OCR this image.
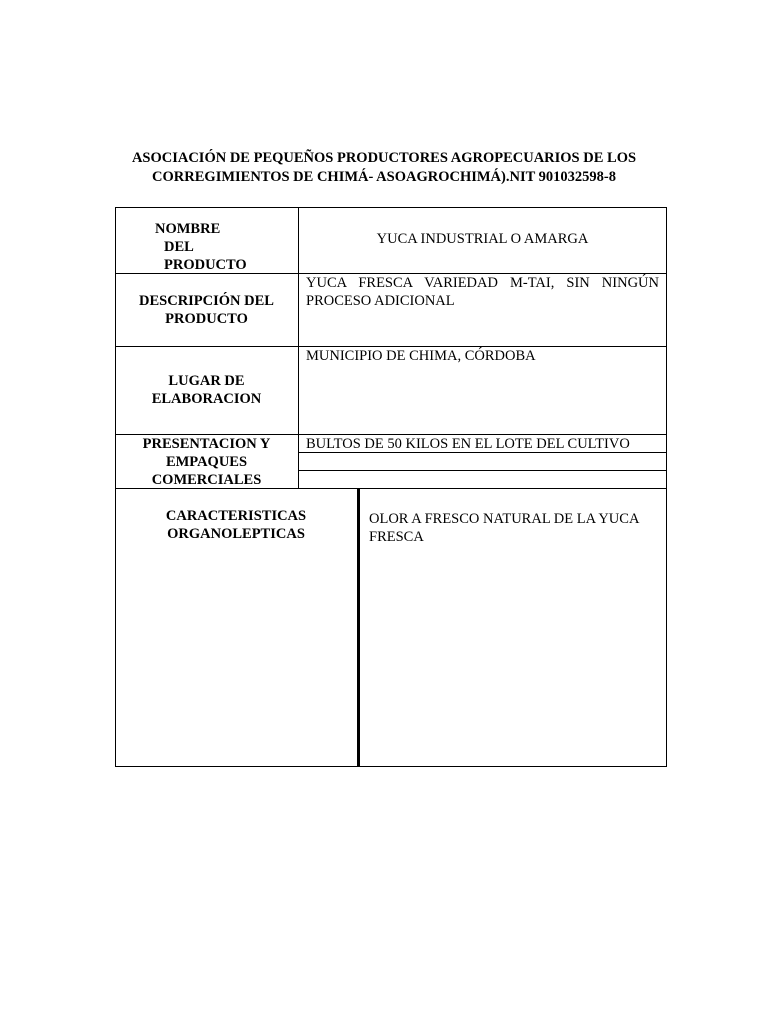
ASOCIACIÓN DE PEQUEÑOS PRODUCTORES AGROPECUARIOS DE LOS
CORREGIMIENTOS DE CHIMÁ- ASOAGROCHIMÁ).NIT 901032598-8
NOMBRE
DEL
PRODUCTO
YUCA INDUSTRIAL O AMARGA
DESCRIPCIÓN DEL
PRODUCTO
YUCA FRESCA VARIEDAD M-TAI, SIN NINGÚN
PROCESO ADICIONAL
LUGAR DE
ELABORACION
MUNICIPIO DE CHIMA, CÓRDOBA
PRESENTACION Y
EMPAQUES
COMERCIALES
BULTOS DE 50 KILOS EN EL LOTE DEL CULTIVO
CARACTERISTICAS
ORGANOLEPTICAS
OLOR A FRESCO NATURAL DE LA YUCA
FRESCA
